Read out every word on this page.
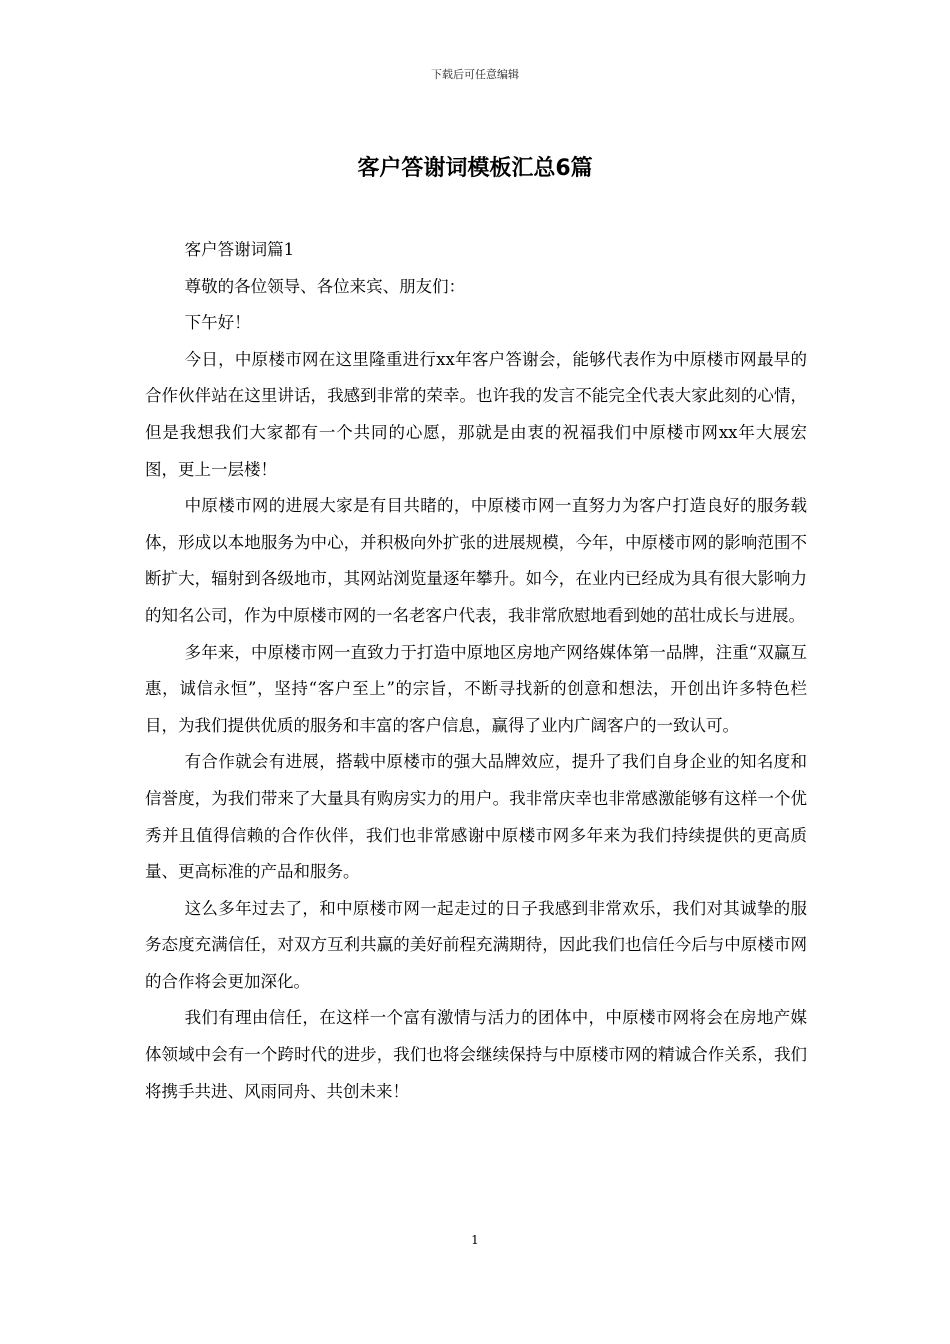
下载后可任意编辑
客户答谢词模板汇总6篇

客户答谢词篇1

尊敬的各位领导、各位来宾、朋友们：

下午好！

今日，中原楼市网在这里隆重进行xx年客户答谢会，能够代表作为中原楼市网最早的合作伙伴站在这里讲话，我感到非常的荣幸。也许我的发言不能完全代表大家此刻的心情，但是我想我们大家都有一个共同的心愿，那就是由衷的祝福我们中原楼市网xx年大展宏图，更上一层楼！

中原楼市网的进展大家是有目共睹的，中原楼市网一直努力为客户打造良好的服务载体，形成以本地服务为中心，并积极向外扩张的进展规模，今年，中原楼市网的影响范围不断扩大，辐射到各级地市，其网站浏览量逐年攀升。如今，在业内已经成为具有很大影响力的知名公司，作为中原楼市网的一名老客户代表，我非常欣慰地看到她的茁壮成长与进展。

多年来，中原楼市网一直致力于打造中原地区房地产网络媒体第一品牌，注重“双赢互惠，诚信永恒”，坚持“客户至上”的宗旨，不断寻找新的创意和想法，开创出许多特色栏目，为我们提供优质的服务和丰富的客户信息，赢得了业内广阔客户的一致认可。

有合作就会有进展，搭载中原楼市的强大品牌效应，提升了我们自身企业的知名度和信誉度，为我们带来了大量具有购房实力的用户。我非常庆幸也非常感激能够有这样一个优秀并且值得信赖的合作伙伴，我们也非常感谢中原楼市网多年来为我们持续提供的更高质量、更高标准的产品和服务。

这么多年过去了，和中原楼市网一起走过的日子我感到非常欢乐，我们对其诚挚的服务态度充满信任，对双方互利共赢的美好前程充满期待，因此我们也信任今后与中原楼市网的合作将会更加深化。

我们有理由信任，在这样一个富有激情与活力的团体中，中原楼市网将会在房地产媒体领域中会有一个跨时代的进步，我们也将会继续保持与中原楼市网的精诚合作关系，我们将携手共进、风雨同舟、共创未来！

1
